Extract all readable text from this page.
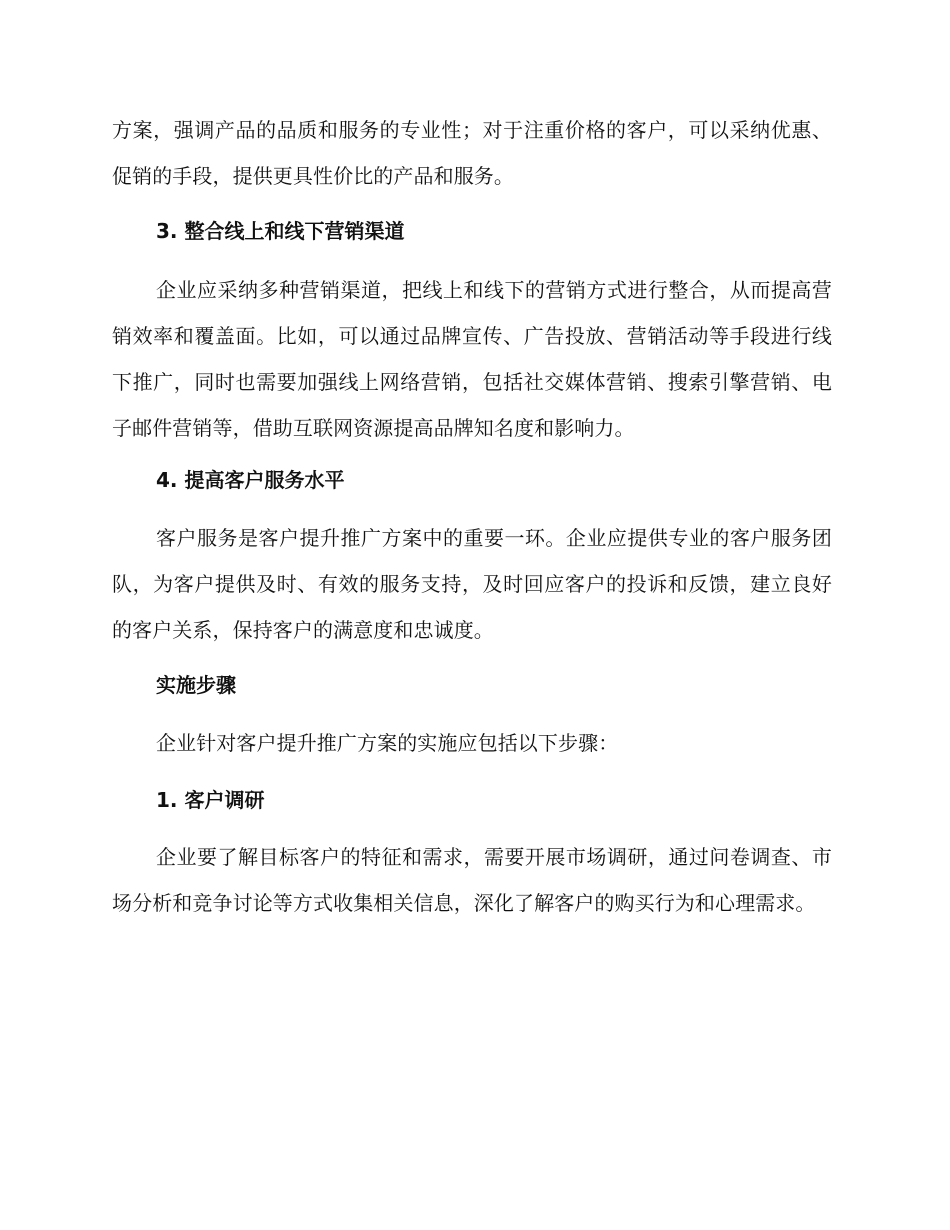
方案，强调产品的品质和服务的专业性；对于注重价格的客户，可以采纳优惠、促销的手段，提供更具性价比的产品和服务。

3. 整合线上和线下营销渠道

企业应采纳多种营销渠道，把线上和线下的营销方式进行整合，从而提高营销效率和覆盖面。比如，可以通过品牌宣传、广告投放、营销活动等手段进行线下推广，同时也需要加强线上网络营销，包括社交媒体营销、搜索引擎营销、电子邮件营销等，借助互联网资源提高品牌知名度和影响力。

4. 提高客户服务水平

客户服务是客户提升推广方案中的重要一环。企业应提供专业的客户服务团队，为客户提供及时、有效的服务支持，及时回应客户的投诉和反馈，建立良好的客户关系，保持客户的满意度和忠诚度。

实施步骤

企业针对客户提升推广方案的实施应包括以下步骤：

1. 客户调研

企业要了解目标客户的特征和需求，需要开展市场调研，通过问卷调查、市场分析和竞争讨论等方式收集相关信息，深化了解客户的购买行为和心理需求。
